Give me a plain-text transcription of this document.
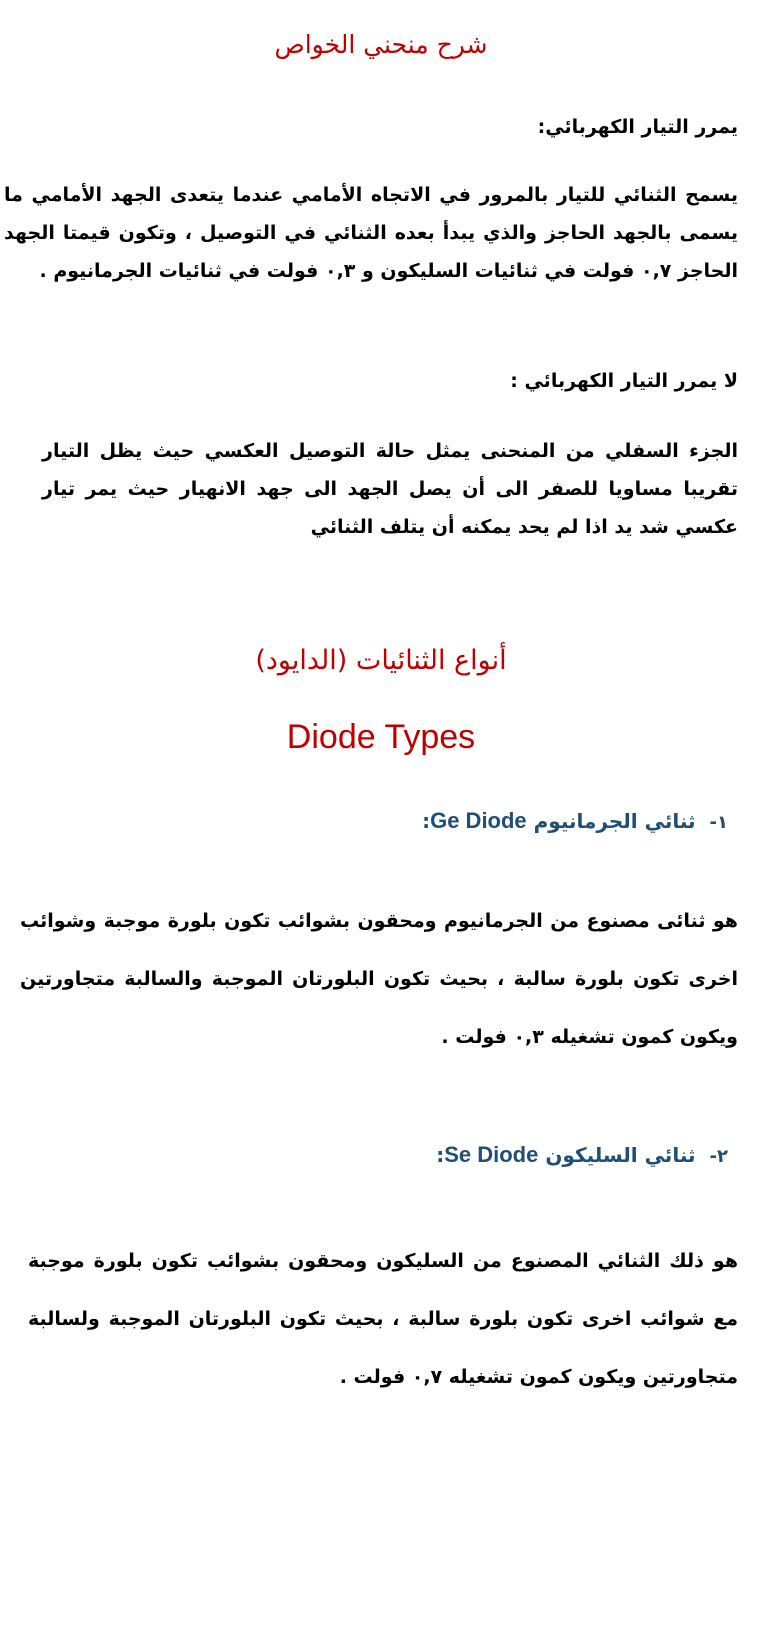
شرح منحني الخواص
يمرر التيار الكهربائي:

يسمح الثنائي للتيار بالمرور في الاتجاه الأمامي عندما يتعدى الجهد الأمامي ما يسمى بالجهد الحاجز والذي يبدأ بعده الثنائي في التوصيل ، وتكون قيمتا الجهد الحاجز ٠,٧ فولت في ثنائيات السليكون و ٠,٣ فولت في ثنائيات الجرمانيوم .

لا يمرر التيار الكهربائي :

الجزء السفلي من المنحنى يمثل حالة التوصيل العكسي حيث يظل التيار تقريبا مساويا للصفر الى أن يصل الجهد الى جهد الانهيار حيث يمر تيار عكسي شد يد اذا لم يحد يمكنه أن يتلف الثنائي

أنواع الثنائيات (الدايود)
Diode Types
١-
ثنائي الجرمانيوم Ge Diode:

هو ثنائى مصنوع من الجرمانيوم ومحقون بشوائب تكون بلورة موجبة وشوائب اخرى تكون بلورة سالبة ، بحيث تكون البلورتان الموجبة والسالبة متجاورتين ويكون كمون تشغيله ٠,٣ فولت .

٢-
ثنائي السليكون Se Diode:

هو ذلك الثنائي المصنوع من السليكون ومحقون بشوائب تكون بلورة موجبة مع شوائب اخرى تكون بلورة سالبة ، بحيث تكون البلورتان الموجبة ولسالبة متجاورتين ويكون كمون تشغيله ٠,٧ فولت .
